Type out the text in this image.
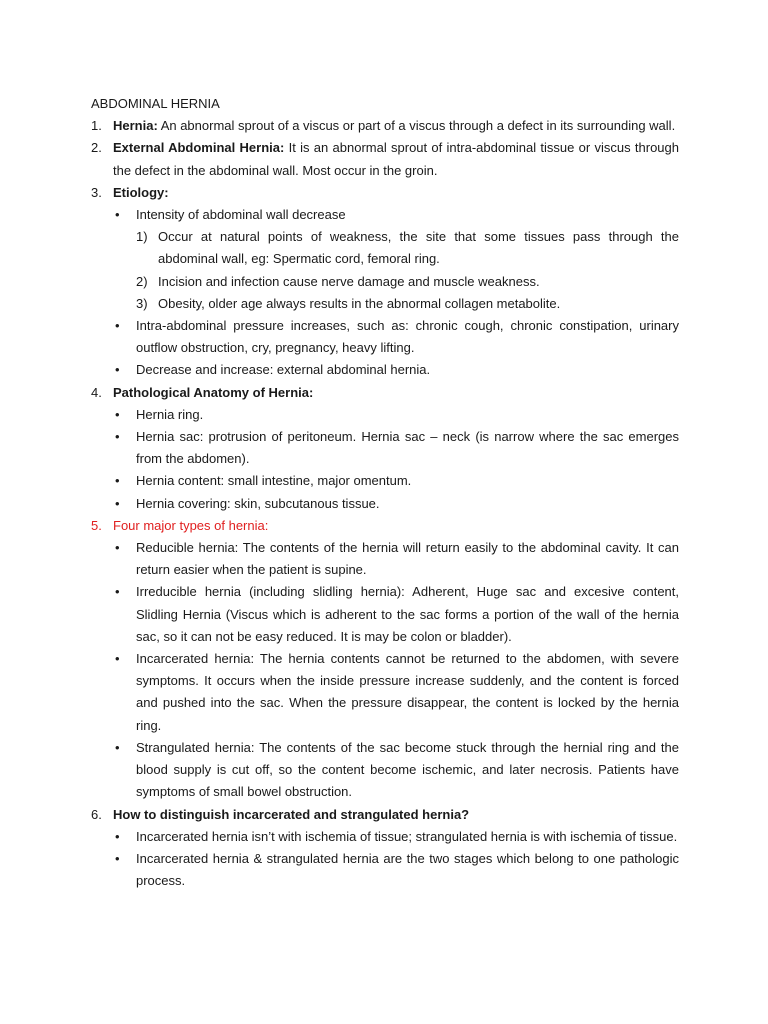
ABDOMINAL HERNIA
1. Hernia: An abnormal sprout of a viscus or part of a viscus through a defect in its surrounding wall.
2. External Abdominal Hernia: It is an abnormal sprout of intra-abdominal tissue or viscus through the defect in the abdominal wall. Most occur in the groin.
3. Etiology:
• Intensity of abdominal wall decrease
1) Occur at natural points of weakness, the site that some tissues pass through the abdominal wall, eg: Spermatic cord, femoral ring.
2) Incision and infection cause nerve damage and muscle weakness.
3) Obesity, older age always results in the abnormal collagen metabolite.
• Intra-abdominal pressure increases, such as: chronic cough, chronic constipation, urinary outflow obstruction, cry, pregnancy, heavy lifting.
• Decrease and increase: external abdominal hernia.
4. Pathological Anatomy of Hernia:
• Hernia ring.
• Hernia sac: protrusion of peritoneum. Hernia sac – neck (is narrow where the sac emerges from the abdomen).
• Hernia content: small intestine, major omentum.
• Hernia covering: skin, subcutanous tissue.
5. Four major types of hernia:
• Reducible hernia: The contents of the hernia will return easily to the abdominal cavity. It can return easier when the patient is supine.
• Irreducible hernia (including slidling hernia): Adherent, Huge sac and excesive content, Slidling Hernia (Viscus which is adherent to the sac forms a portion of the wall of the hernia sac, so it can not be easy reduced. It is may be colon or bladder).
• Incarcerated hernia: The hernia contents cannot be returned to the abdomen, with severe symptoms. It occurs when the inside pressure increase suddenly, and the content is forced and pushed into the sac. When the pressure disappear, the content is locked by the hernia ring.
• Strangulated hernia: The contents of the sac become stuck through the hernial ring and the blood supply is cut off, so the content become ischemic, and later necrosis. Patients have symptoms of small bowel obstruction.
6. How to distinguish incarcerated and strangulated hernia?
• Incarcerated hernia isn’t with ischemia of tissue; strangulated hernia is with ischemia of tissue.
• Incarcerated hernia & strangulated hernia are the two stages which belong to one pathologic process.
